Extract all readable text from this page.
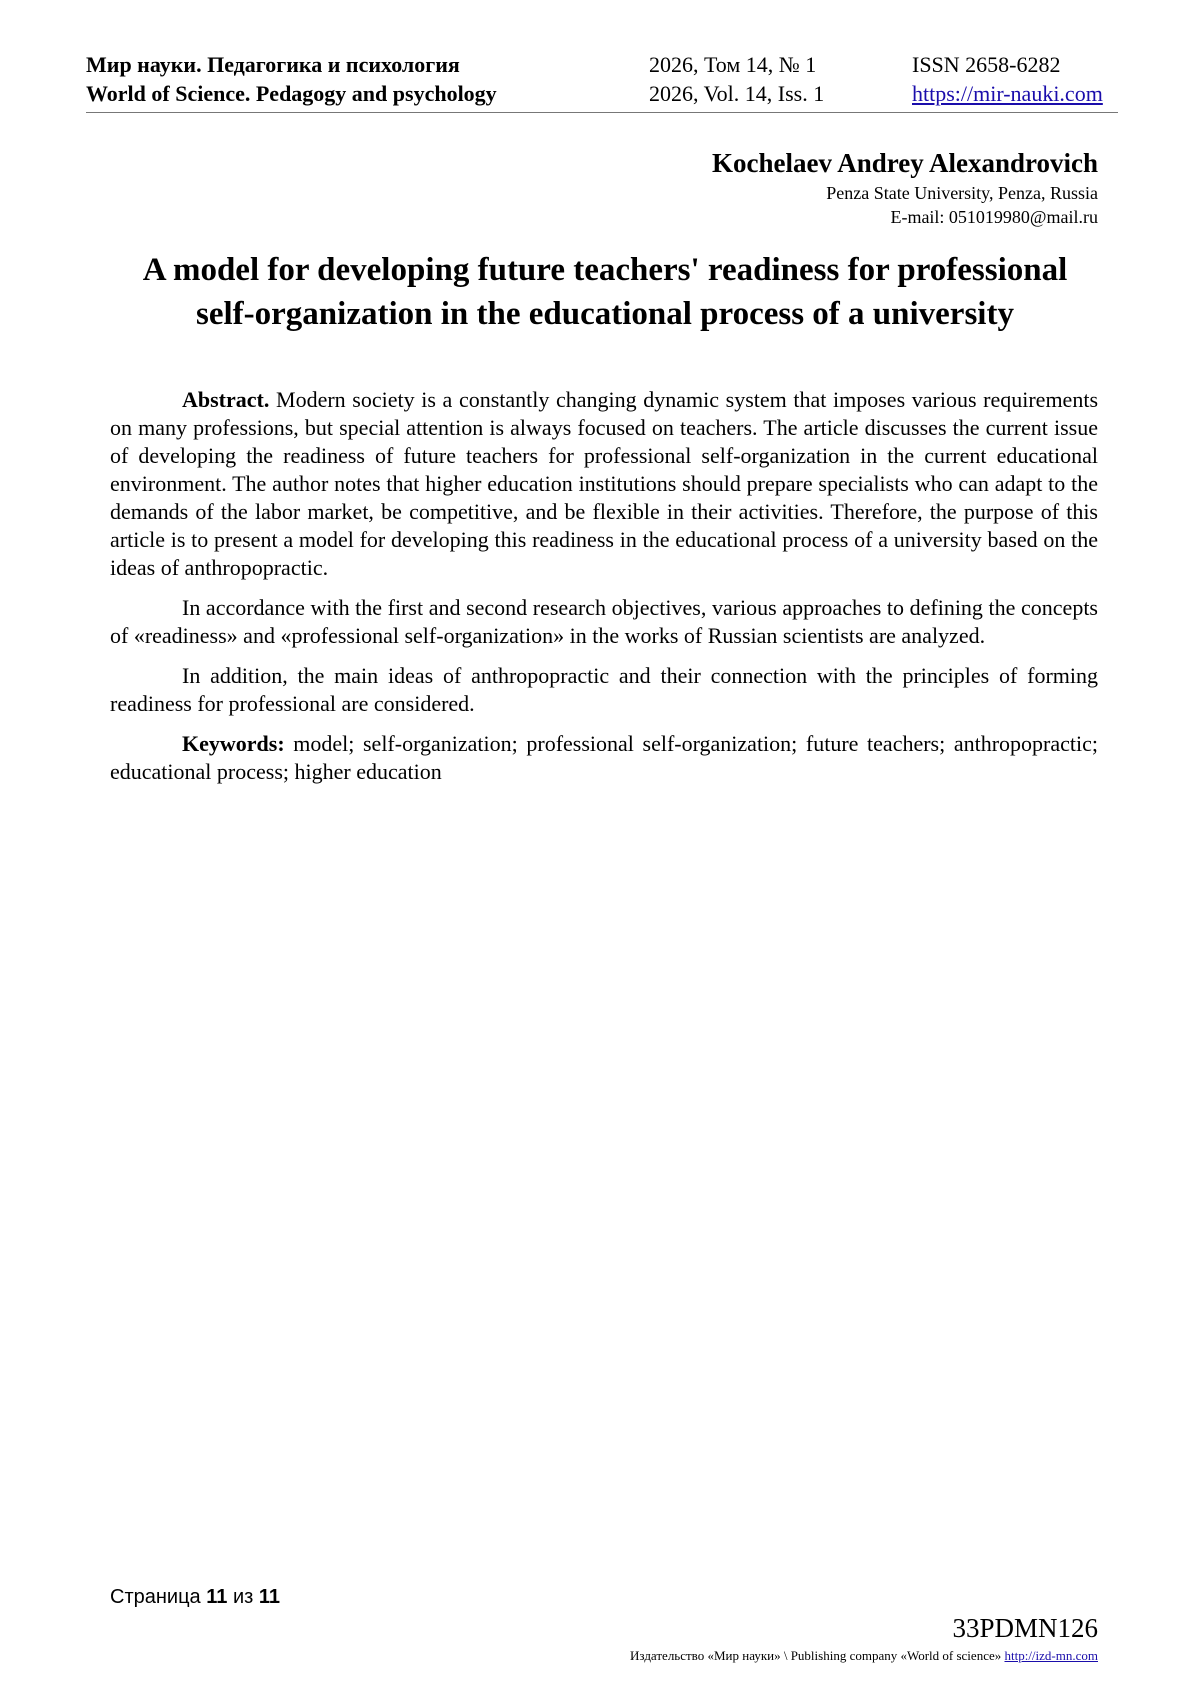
Мир науки. Педагогика и психология
World of Science. Pedagogy and psychology
2026, Том 14, № 1
2026, Vol. 14, Iss. 1
ISSN 2658-6282
https://mir-nauki.com
Kochelaev Andrey Alexandrovich
Penza State University, Penza, Russia
E-mail: 051019980@mail.ru
A model for developing future teachers' readiness for professional self-organization in the educational process of a university

Abstract. Modern society is a constantly changing dynamic system that imposes various requirements on many professions, but special attention is always focused on teachers. The article discusses the current issue of developing the readiness of future teachers for professional self-organization in the current educational environment. The author notes that higher education institutions should prepare specialists who can adapt to the demands of the labor market, be competitive, and be flexible in their activities. Therefore, the purpose of this article is to present a model for developing this readiness in the educational process of a university based on the ideas of anthropopractic.

In accordance with the first and second research objectives, various approaches to defining the concepts of «readiness» and «professional self-organization» in the works of Russian scientists are analyzed.

In addition, the main ideas of anthropopractic and their connection with the principles of forming readiness for professional are considered.

Keywords: model; self-organization; professional self-organization; future teachers; anthropopractic; educational process; higher education

Страница 11 из 11
33PDMN126
Издательство «Мир науки» \ Publishing company «World of science» http://izd-mn.com
